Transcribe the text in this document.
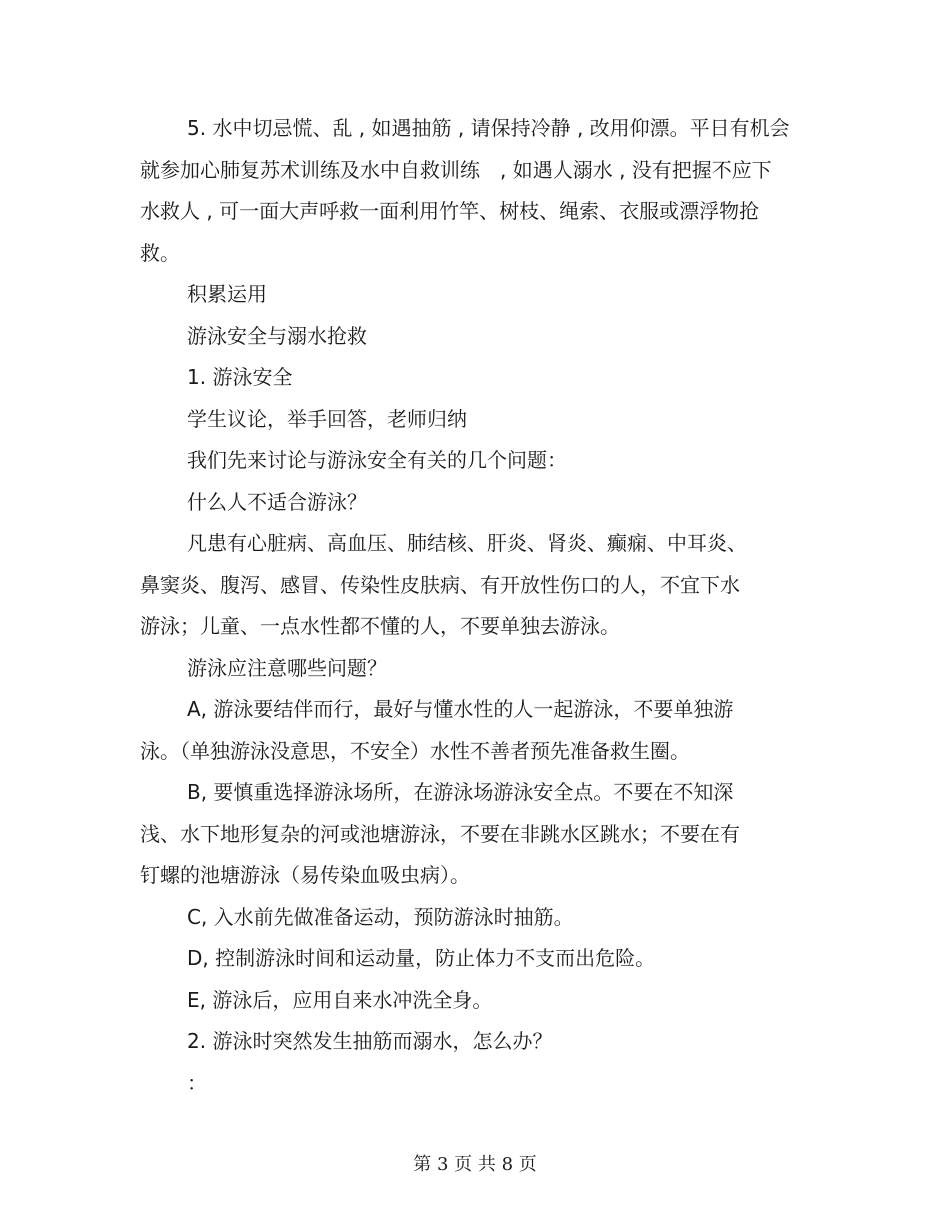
5. 水中切忌慌、乱 , 如遇抽筋 , 请保持冷静 , 改用仰漂。平日有机会
就参加心肺复苏术训练及水中自救训练　, 如遇人溺水 , 没有把握不应下
水救人 , 可一面大声呼救一面利用竹竿、树枝、绳索、衣服或漂浮物抢
救。
积累运用
游泳安全与溺水抢救
1. 游泳安全
学生议论，举手回答，老师归纳
我们先来讨论与游泳安全有关的几个问题：
什么人不适合游泳？
凡患有心脏病、高血压、肺结核、肝炎、肾炎、癫痫、中耳炎、
鼻窦炎、腹泻、感冒、传染性皮肤病、有开放性伤口的人，不宜下水
游泳；儿童、一点水性都不懂的人，不要单独去游泳。
游泳应注意哪些问题？
A, 游泳要结伴而行，最好与懂水性的人一起游泳，不要单独游
泳。（单独游泳没意思，不安全）水性不善者预先准备救生圈。
B, 要慎重选择游泳场所，在游泳场游泳安全点。不要在不知深
浅、水下地形复杂的河或池塘游泳，不要在非跳水区跳水；不要在有
钉螺的池塘游泳（易传染血吸虫病）。
C, 入水前先做准备运动，预防游泳时抽筋。
D, 控制游泳时间和运动量，防止体力不支而出危险。
E, 游泳后，应用自来水冲洗全身。
2. 游泳时突然发生抽筋而溺水，怎么办？
：
第 3 页 共 8 页
